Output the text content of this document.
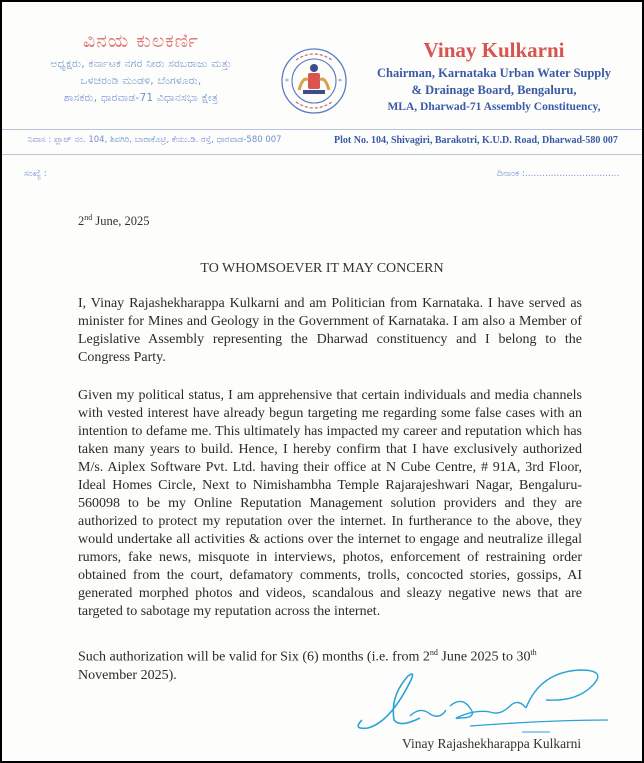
ವಿನಯ ಕುಲಕರ್ಣಿ
ಅಧ್ಯಕ್ಷರು, ಕರ್ನಾಟಕ ನಗರ ನೀರು ಸರಬರಾಜು ಮತ್ತು
ಒಳಚರಂಡಿ ಮಂಡಳಿ, ಬೆಂಗಳೂರು,
ಶಾಸಕರು, ಧಾರವಾಡ-71 ವಿಧಾನಸಭಾ ಕ್ಷೇತ್ರ
*	*
Vinay Kulkarni
Chairman, Karnataka Urban Water Supply
& Drainage Board, Bengaluru,
MLA, Dharwad-71 Assembly Constituency,
ನಿವಾಸ : ಪ್ಲಾಟ್ ನಂ. 104, ಶಿವಗಿರಿ, ಬಾರಾಕೊಟ್ರಿ, ಕೆಯು.ಡಿ. ರಸ್ತೆ, ಧಾರವಾಡ-580 007	Plot No. 104, Shivagiri, Barakotri, K.U.D. Road, Dharwad-580 007
ಸಂಖ್ಯೆ :	ದಿನಾಂಕ :.................................
2nd June, 2025
TO WHOMSOEVER IT MAY CONCERN
I, Vinay Rajashekharappa Kulkarni and am Politician from Karnataka. I have served as minister for Mines and Geology in the Government of Karnataka. I am also a Member of Legislative Assembly representing the Dharwad constituency and I belong to the Congress Party.
Given my political status, I am apprehensive that certain individuals and media channels with vested interest have already begun targeting me regarding some false cases with an intention to defame me. This ultimately has impacted my career and reputation which has taken many years to build. Hence, I hereby confirm that I have exclusively authorized M/s. Aiplex Software Pvt. Ltd. having their office at N Cube Centre, # 91A, 3rd Floor, Ideal Homes Circle, Next to Nimishambha Temple Rajarajeshwari Nagar, Bengaluru-560098 to be my Online Reputation Management solution providers and they are authorized to protect my reputation over the internet. In furtherance to the above, they would undertake all activities & actions over the internet to engage and neutralize illegal rumors, fake news, misquote in interviews, photos, enforcement of restraining order obtained from the court, defamatory comments, trolls, concocted stories, gossips, AI generated morphed photos and videos, scandalous and sleazy negative news that are targeted to sabotage my reputation across the internet.
Such authorization will be valid for Six (6) months (i.e. from 2nd June 2025 to 30th November 2025).
Vinay Rajashekharappa Kulkarni
